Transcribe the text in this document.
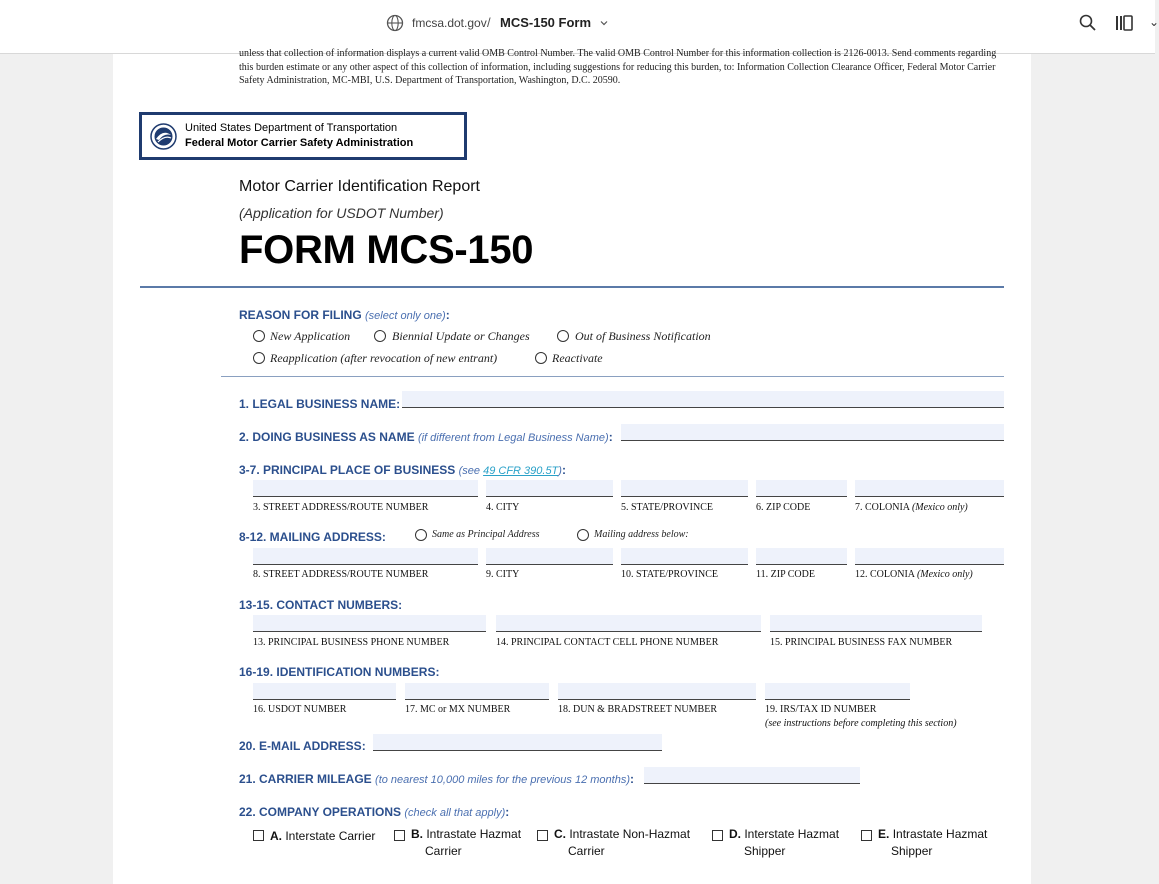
fmcsa.dot.gov / MCS-150 Form	⌄
unless that collection of information displays a current valid OMB Control Number. The valid OMB Control Number for this information collection is 2126-0013. Send comments regarding this burden estimate or any other aspect of this collection of information, including suggestions for reducing this burden, to: Information Collection Clearance Officer, Federal Motor Carrier Safety Administration, MC-MBI, U.S. Department of Transportation, Washington, D.C. 20590.
United States Department of Transportation
Federal Motor Carrier Safety Administration
Motor Carrier Identification Report
(Application for USDOT Number)
FORM MCS-150
REASON FOR FILING (select only one):
New Application	Biennial Update or Changes	Out of Business Notification
Reapplication (after revocation of new entrant)	Reactivate
1. LEGAL BUSINESS NAME:
2. DOING BUSINESS AS NAME (if different from Legal Business Name):
3-7. PRINCIPAL PLACE OF BUSINESS (see 49 CFR 390.5T):
3. STREET ADDRESS/ROUTE NUMBER	4. CITY	5. STATE/PROVINCE	6. ZIP CODE	7. COLONIA (Mexico only)
8-12. MAILING ADDRESS:	Same as Principal Address	Mailing address below:
8. STREET ADDRESS/ROUTE NUMBER	9. CITY	10. STATE/PROVINCE	11. ZIP CODE	12. COLONIA (Mexico only)
13-15. CONTACT NUMBERS:
13. PRINCIPAL BUSINESS PHONE NUMBER	14. PRINCIPAL CONTACT CELL PHONE NUMBER	15. PRINCIPAL BUSINESS FAX NUMBER
16-19. IDENTIFICATION NUMBERS:
16. USDOT NUMBER	17. MC or MX NUMBER	18. DUN & BRADSTREET NUMBER	19. IRS/TAX ID NUMBER
(see instructions before completing this section)
20. E-MAIL ADDRESS:
21. CARRIER MILEAGE (to nearest 10,000 miles for the previous 12 months):
22. COMPANY OPERATIONS (check all that apply):
A. Interstate Carrier	B. Intrastate Hazmat
Carrier
C. Intrastate Non-Hazmat
Carrier
D. Interstate Hazmat
Shipper
E. Intrastate Hazmat
Shipper
